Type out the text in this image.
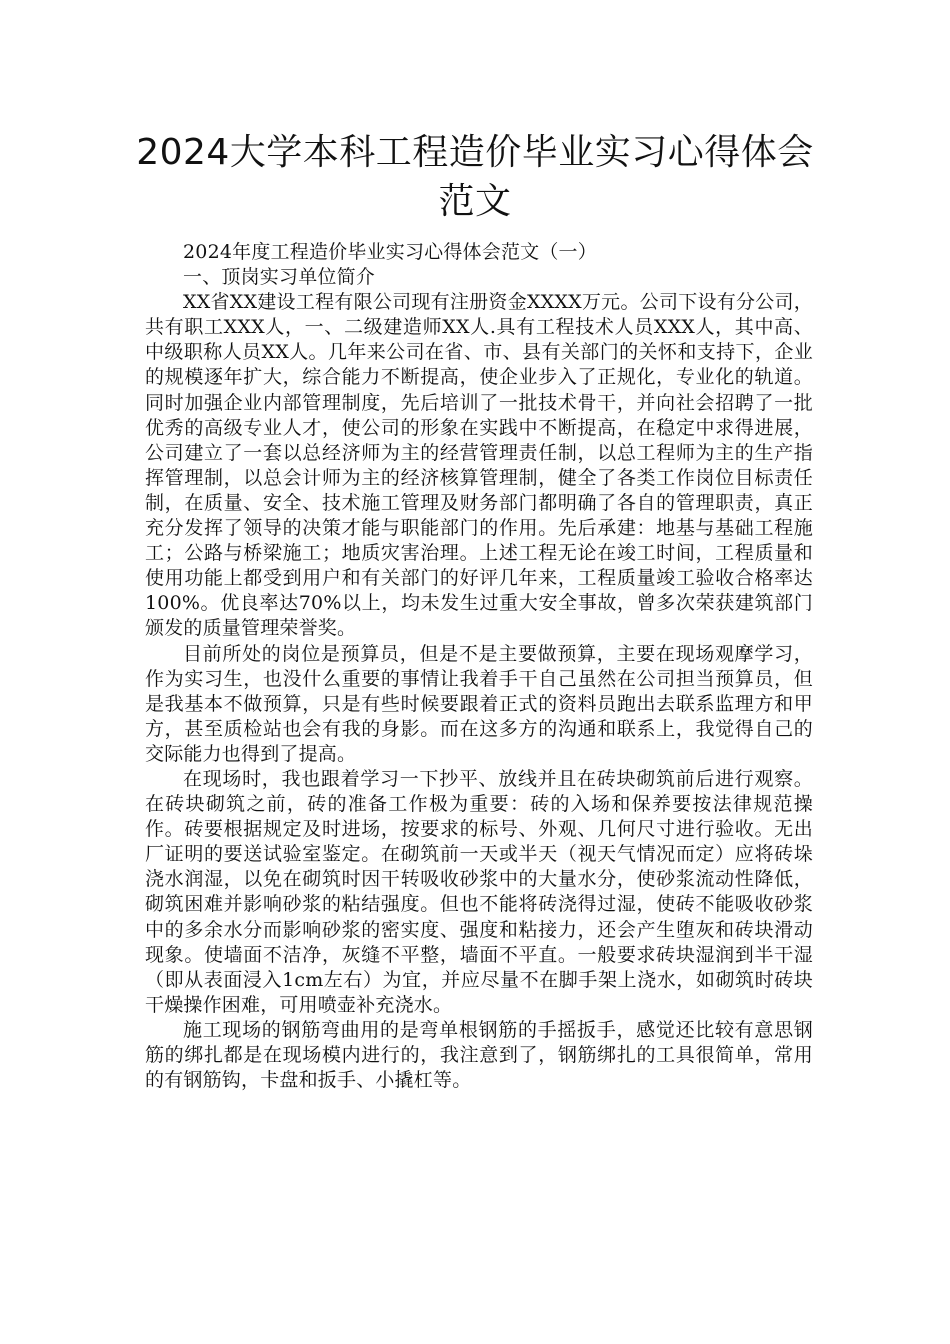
2024大学本科工程造价毕业实习心得体会范文

2024年度工程造价毕业实习心得体会范文（一）

一、顶岗实习单位简介

XX省XX建设工程有限公司现有注册资金XXXX万元。公司下设有分公司，共有职工XXX人，一、二级建造师XX人.具有工程技术人员XXX人，其中高、中级职称人员XX人。几年来公司在省、市、县有关部门的关怀和支持下，企业的规模逐年扩大，综合能力不断提高，使企业步入了正规化，专业化的轨道。同时加强企业内部管理制度，先后培训了一批技术骨干，并向社会招聘了一批优秀的高级专业人才，使公司的形象在实践中不断提高，在稳定中求得进展，公司建立了一套以总经济师为主的经营管理责任制，以总工程师为主的生产指挥管理制，以总会计师为主的经济核算管理制，健全了各类工作岗位目标责任制，在质量、安全、技术施工管理及财务部门都明确了各自的管理职责，真正充分发挥了领导的决策才能与职能部门的作用。先后承建：地基与基础工程施工；公路与桥梁施工；地质灾害治理。上述工程无论在竣工时间，工程质量和使用功能上都受到用户和有关部门的好评几年来，工程质量竣工验收合格率达100%。优良率达70%以上，均未发生过重大安全事故，曾多次荣获建筑部门颁发的质量管理荣誉奖。

目前所处的岗位是预算员，但是不是主要做预算，主要在现场观摩学习，作为实习生，也没什么重要的事情让我着手干自己虽然在公司担当预算员，但是我基本不做预算，只是有些时候要跟着正式的资料员跑出去联系监理方和甲方，甚至质检站也会有我的身影。而在这多方的沟通和联系上，我觉得自己的交际能力也得到了提高。

在现场时，我也跟着学习一下抄平、放线并且在砖块砌筑前后进行观察。在砖块砌筑之前，砖的准备工作极为重要：砖的入场和保养要按法律规范操作。砖要根据规定及时进场，按要求的标号、外观、几何尺寸进行验收。无出厂证明的要送试验室鉴定。在砌筑前一天或半天（视天气情况而定）应将砖垛浇水润湿，以免在砌筑时因干转吸收砂浆中的大量水分，使砂浆流动性降低，砌筑困难并影响砂浆的粘结强度。但也不能将砖浇得过湿，使砖不能吸收砂浆中的多余水分而影响砂浆的密实度、强度和粘接力，还会产生堕灰和砖块滑动现象。使墙面不洁净，灰缝不平整，墙面不平直。一般要求砖块湿润到半干湿（即从表面浸入1cm左右）为宜，并应尽量不在脚手架上浇水，如砌筑时砖块干燥操作困难，可用喷壶补充浇水。

施工现场的钢筋弯曲用的是弯单根钢筋的手摇扳手，感觉还比较有意思钢筋的绑扎都是在现场模内进行的，我注意到了，钢筋绑扎的工具很简单，常用的有钢筋钩，卡盘和扳手、小撬杠等。
